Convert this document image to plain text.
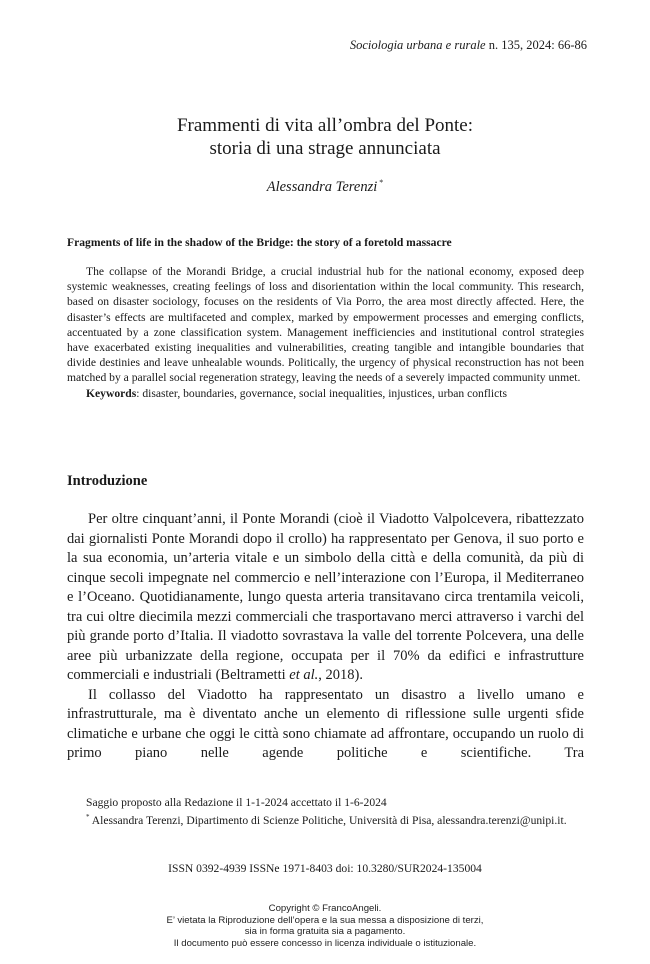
Sociologia urbana e rurale n. 135, 2024: 66-86
Frammenti di vita all’ombra del Ponte:
storia di una strage annunciata
Alessandra Terenzi *
Fragments of life in the shadow of the Bridge: the story of a foretold massacre

The collapse of the Morandi Bridge, a crucial industrial hub for the national economy, exposed deep systemic weaknesses, creating feelings of loss and disorientation within the local community. This research, based on disaster sociology, focuses on the residents of Via Porro, the area most directly affected. Here, the disaster’s effects are multifaceted and complex, marked by empowerment processes and emerging conflicts, accentuated by a zone classification system. Management inefficiencies and institutional control strategies have exacerbated existing inequalities and vulnerabilities, creating tangible and intangible boundaries that divide destinies and leave unhealable wounds. Politically, the urgency of physical reconstruction has not been matched by a parallel social regeneration strategy, leaving the needs of a severely impacted community unmet.

Keywords: disaster, boundaries, governance, social inequalities, injustices, urban conflicts

Introduzione

Per oltre cinquant’anni, il Ponte Morandi (cioè il Viadotto Valpolcevera, ribattezzato dai giornalisti Ponte Morandi dopo il crollo) ha rappresentato per Genova, il suo porto e la sua economia, un’arteria vitale e un simbolo della città e della comunità, da più di cinque secoli impegnate nel commercio e nell’interazione con l’Europa, il Mediterraneo e l’Oceano. Quotidianamente, lungo questa arteria transitavano circa trentamila veicoli, tra cui oltre diecimila mezzi commerciali che trasportavano merci attraverso i varchi del più grande porto d’Italia. Il viadotto sovrastava la valle del torrente Polcevera, una delle aree più urbanizzate della regione, occupata per il 70% da edifici e infrastrutture commerciali e industriali (Beltrametti et al., 2018).

Il collasso del Viadotto ha rappresentato un disastro a livello umano e infrastrutturale, ma è diventato anche un elemento di riflessione sulle urgenti sfide climatiche e urbane che oggi le città sono chiamate ad affrontare, occupando un ruolo di primo piano nelle agende politiche e scientifiche. Tra

Saggio proposto alla Redazione il 1-1-2024 accettato il 1-6-2024

* Alessandra Terenzi, Dipartimento di Scienze Politiche, Università di Pisa, alessandra.terenzi@unipi.it.

ISSN 0392-4939 ISSNe 1971-8403 doi: 10.3280/SUR2024-135004
Copyright © FrancoAngeli.
E’ vietata la Riproduzione dell’opera e la sua messa a disposizione di terzi,
sia in forma gratuita sia a pagamento.
Il documento può essere concesso in licenza individuale o istituzionale.
